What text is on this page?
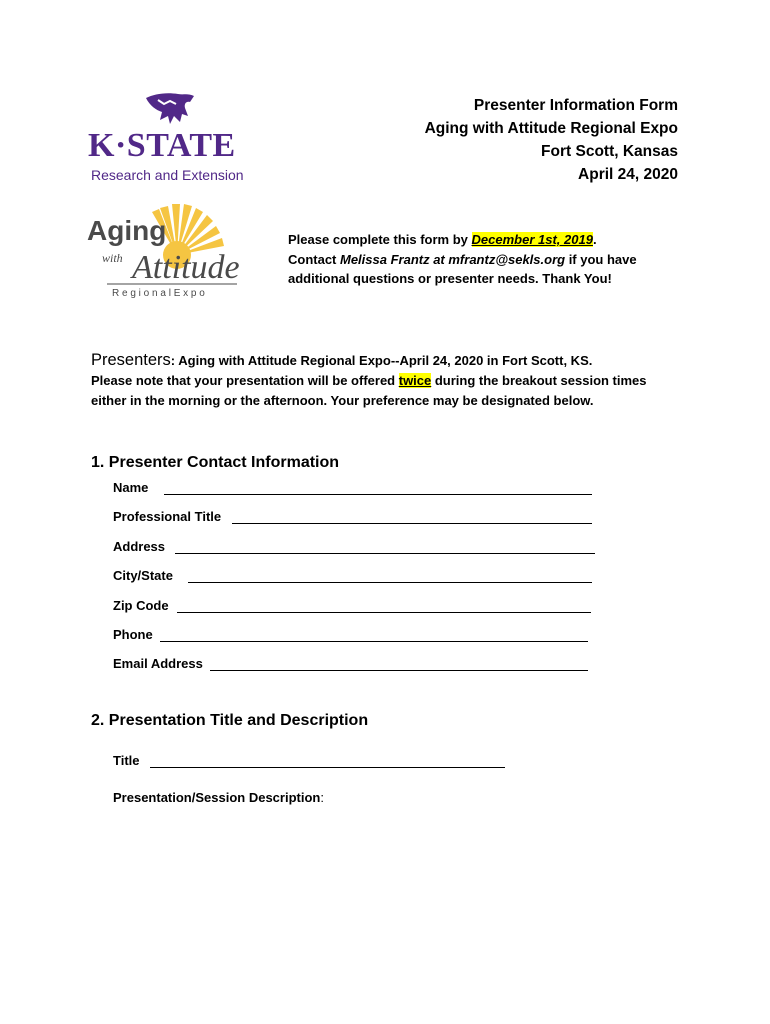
K·STATE
Research and Extension
Presenter Information Form
Aging with Attitude Regional Expo
Fort Scott, Kansas
April 24, 2020
Aging
with Attitude
R e g i o n a l E x p o
Please complete this form by December 1st, 2019.
Contact Melissa Frantz at mfrantz@sekls.org if you have
additional questions or presenter needs. Thank You!
Presenters: Aging with Attitude Regional Expo--April 24, 2020 in Fort Scott, KS.
Please note that your presentation will be offered twice during the breakout session times
either in the morning or the afternoon. Your preference may be designated below.
1. Presenter Contact Information
Name
Professional Title
Address
City/State
Zip Code
Phone
Email Address
2. Presentation Title and Description
Title
Presentation/Session Description:
